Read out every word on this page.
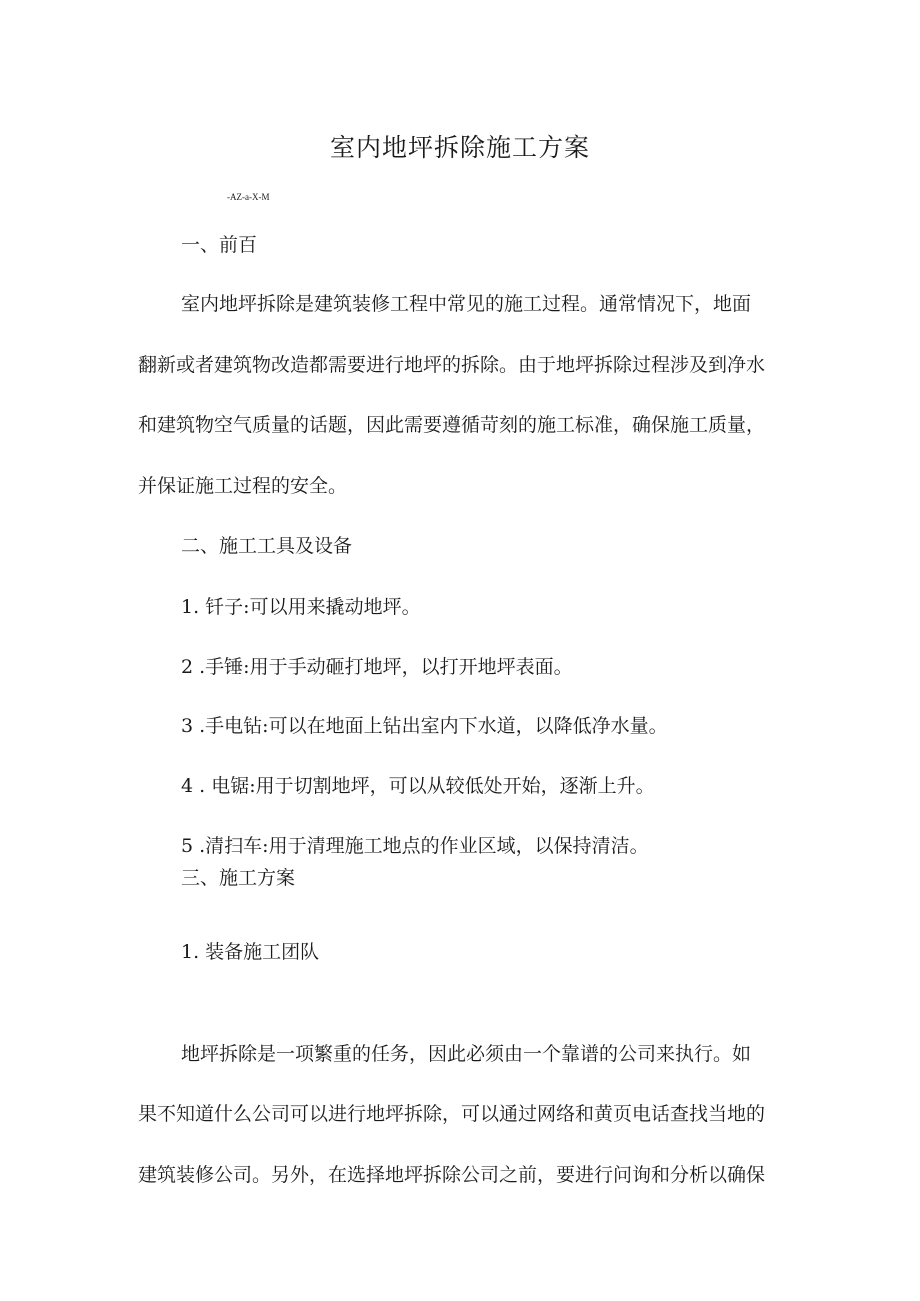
室内地坪拆除施工方案
-AZ-a-X-M
一、前百
室内地坪拆除是建筑装修工程中常见的施工过程。通常情况下，地面
翻新或者建筑物改造都需要进行地坪的拆除。由于地坪拆除过程涉及到净水
和建筑物空气质量的话题，因此需要遵循苛刻的施工标准，确保施工质量，
并保证施工过程的安全。
二、施工工具及设备
1. 钎子:可以用来撬动地坪。
2 .手锤:用于手动砸打地坪，以打开地坪表面。
3 .手电钻:可以在地面上钻出室内下水道，以降低净水量。
4 . 电锯:用于切割地坪，可以从较低处开始，逐渐上升。
5 .清扫车:用于清理施工地点的作业区域，以保持清洁。
三、施工方案
1. 装备施工团队
地坪拆除是一项繁重的任务，因此必须由一个靠谱的公司来执行。如
果不知道什么公司可以进行地坪拆除，可以通过网络和黄页电话查找当地的
建筑装修公司。另外，在选择地坪拆除公司之前，要进行问询和分析以确保
